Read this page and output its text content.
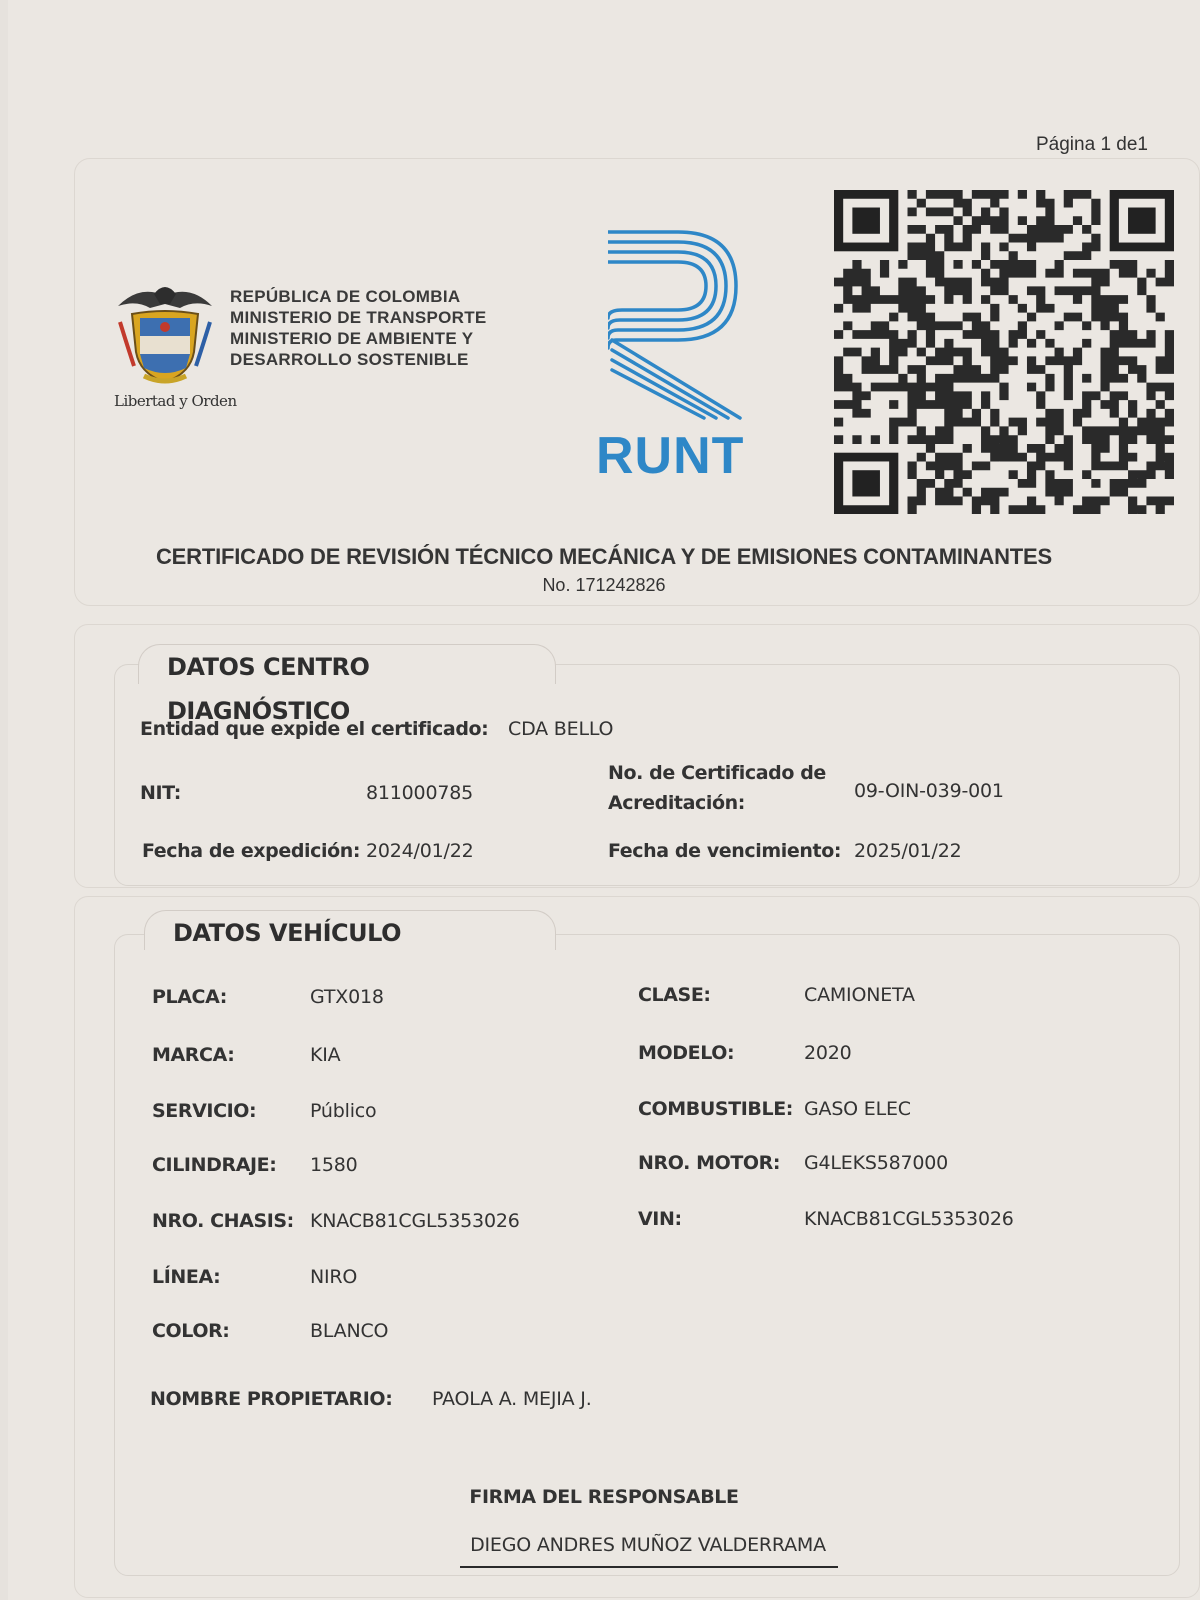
Página 1 de1
Libertad y Orden
REPÚBLICA DE COLOMBIA
MINISTERIO DE TRANSPORTE
MINISTERIO DE AMBIENTE Y
DESARROLLO SOSTENIBLE
RUNT
CERTIFICADO DE REVISIÓN TÉCNICO MECÁNICA Y DE EMISIONES CONTAMINANTES
No. 171242826
DATOS CENTRO DIAGNÓSTICO
Entidad que expide el certificado: CDA BELLO
NIT:	811000785
No. de Certificado de
Acreditación:
09-OIN-039-001
Fecha de expedición: 2024/01/22	Fecha de vencimiento: 2025/01/22
DATOS VEHÍCULO
PLACA:	GTX018	CLASE:	CAMIONETA
MARCA:	KIA	MODELO:	2020
SERVICIO:	Público	COMBUSTIBLE: GASO ELEC
CILINDRAJE: 1580	NRO. MOTOR: G4LEKS587000
NRO. CHASIS: KNACB81CGL5353026	VIN:	KNACB81CGL5353026
LÍNEA:	NIRO
COLOR:	BLANCO
NOMBRE PROPIETARIO: PAOLA A. MEJIA J.
FIRMA DEL RESPONSABLE
DIEGO ANDRES MUÑOZ VALDERRAMA
